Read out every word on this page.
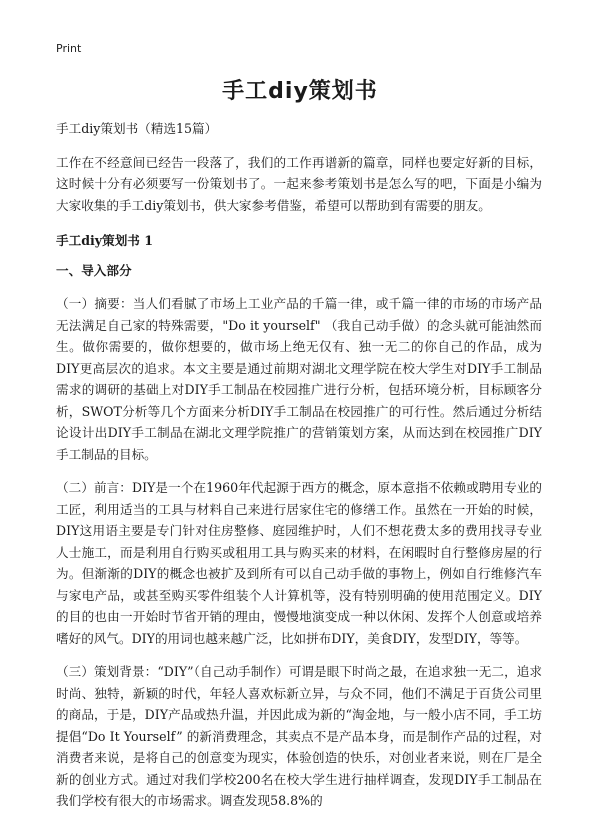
Print
手工diy策划书

手工diy策划书（精选15篇）

工作在不经意间已经告一段落了，我们的工作再谱新的篇章，同样也要定好新的目标，这时候十分有必须要写一份策划书了。一起来参考策划书是怎么写的吧，下面是小编为大家收集的手工diy策划书，供大家参考借鉴，希望可以帮助到有需要的朋友。

手工diy策划书 1

一、导入部分

（一）摘要：当人们看腻了市场上工业产品的千篇一律，或千篇一律的市场的市场产品无法满足自己家的特殊需要，"Do it yourself" （我自己动手做）的念头就可能油然而生。做你需要的，做你想要的，做市场上绝无仅有、独一无二的你自己的作品，成为DIY更高层次的追求。本文主要是通过前期对湖北文理学院在校大学生对DIY手工制品需求的调研的基础上对DIY手工制品在校园推广进行分析，包括环境分析，目标顾客分析，SWOT分析等几个方面来分析DIY手工制品在校园推广的可行性。然后通过分析结论设计出DIY手工制品在湖北文理学院推广的营销策划方案，从而达到在校园推广DIY手工制品的目标。

（二）前言：DIY是一个在1960年代起源于西方的概念，原本意指不依赖或聘用专业的工匠，利用适当的工具与材料自己来进行居家住宅的修缮工作。虽然在一开始的时候，DIY这用语主要是专门针对住房整修、庭园维护时，人们不想花费太多的费用找寻专业人士施工，而是利用自行购买或租用工具与购买来的材料，在闲暇时自行整修房屋的行为。但渐渐的DIY的概念也被扩及到所有可以自己动手做的事物上，例如自行维修汽车与家电产品，或甚至购买零件组装个人计算机等，没有特别明确的使用范围定义。DIY的目的也由一开始时节省开销的理由，慢慢地演变成一种以休闲、发挥个人创意或培养嗜好的风气。DIY的用词也越来越广泛，比如拼布DIY，美食DIY，发型DIY，等等。

（三）策划背景：“DIY”（自己动手制作）可谓是眼下时尚之最，在追求独一无二，追求时尚、独特，新颖的时代，年轻人喜欢标新立异，与众不同，他们不满足于百货公司里的商品，于是，DIY产品或热升温，并因此成为新的“淘金地，与一般小店不同，手工坊提倡“Do It Yourself” 的新消费理念，其卖点不是产品本身，而是制作产品的过程，对消费者来说，是将自己的创意变为现实，体验创造的快乐，对创业者来说，则在厂是全新的创业方式。通过对我们学校200名在校大学生进行抽样调查，发现DIY手工制品在我们学校有很大的市场需求。调查发现58.8%的
